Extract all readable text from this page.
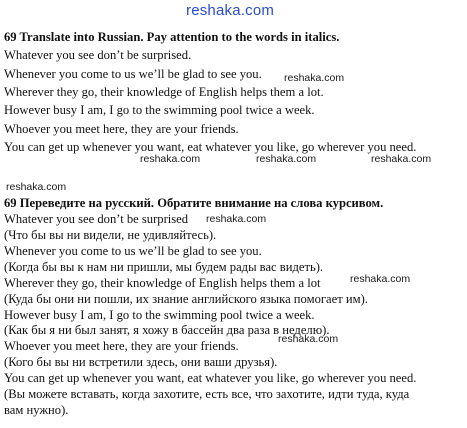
reshaka.com
69 Translate into Russian. Pay attention to the words in italics.
Whatever you see don’t be surprised.
Whenever you come to us we’ll be glad to see you.
Wherever they go, their knowledge of English helps them a lot.
However busy I am, I go to the swimming pool twice a week.
Whoever you meet here, they are your friends.
You can get up whenever you want, eat whatever you like, go wherever you need.
69 Переведите на русский. Обратите внимание на слова курсивом.
Whatever you see don’t be surprised
(Что бы вы ни видели, не удивляйтесь).
Whenever you come to us we’ll be glad to see you.
(Когда бы вы к нам ни пришли, мы будем рады вас видеть).
Wherever they go, their knowledge of English helps them a lot
(Куда бы они ни пошли, их знание английского языка помогает им).
However busy I am, I go to the swimming pool twice a week.
(Как бы я ни был занят, я хожу в бассейн два раза в неделю).
Whoever you meet here, they are your friends.
(Кого бы вы ни встретили здесь, они ваши друзья).
You can get up whenever you want, eat whatever you like, go wherever you need.
(Вы можете вставать, когда захотите, есть все, что захотите, идти туда, куда
вам нужно).
reshaka.com
reshaka.com	reshaka.com	reshaka.com
reshaka.com
reshaka.com
reshaka.com
reshaka.com
